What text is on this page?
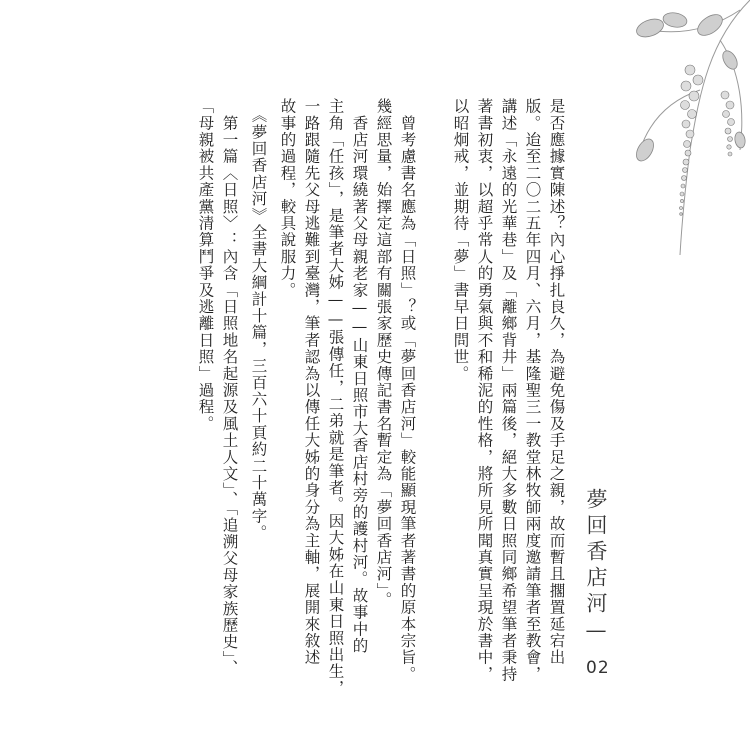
是否應據實陳述？內心掙扎良久，為避免傷及手足之親，故而暫且擱置延宕出
版。迨至二〇二五年四月、六月，基隆聖三一教堂林牧師兩度邀請筆者至教會，
講述「永遠的光華巷」及「離鄉背井」兩篇後，絕大多數日照同鄉希望筆者秉持
著書初衷，以超乎常人的勇氣與不和稀泥的性格，將所見所聞真實呈現於書中，
以昭炯戒，並期待「夢」書早日問世。
　曾考慮書名應為「日照」？或「夢回香店河」較能顯現筆者著書的原本宗旨。
幾經思量，始擇定這部有關張家歷史傳記書名暫定為「夢回香店河」。
　香店河環繞著父母親老家——山東日照市大香店村旁的護村河。故事中的
主角「任孩」，是筆者大姊——張傳任，二弟就是筆者。因大姊在山東日照出生，
一路跟隨先父母逃難到臺灣，筆者認為以傳任大姊的身分為主軸，展開來敘述
故事的過程，較具說服力。
　《夢回香店河》全書大綱計十篇，三百六十頁約二十萬字。
　第一篇〈日照〉：內含「日照地名起源及風土人文」、「追溯父母家族歷史」、
「母親被共產黨清算鬥爭及逃離日照」過程。
夢回香店河—
02
